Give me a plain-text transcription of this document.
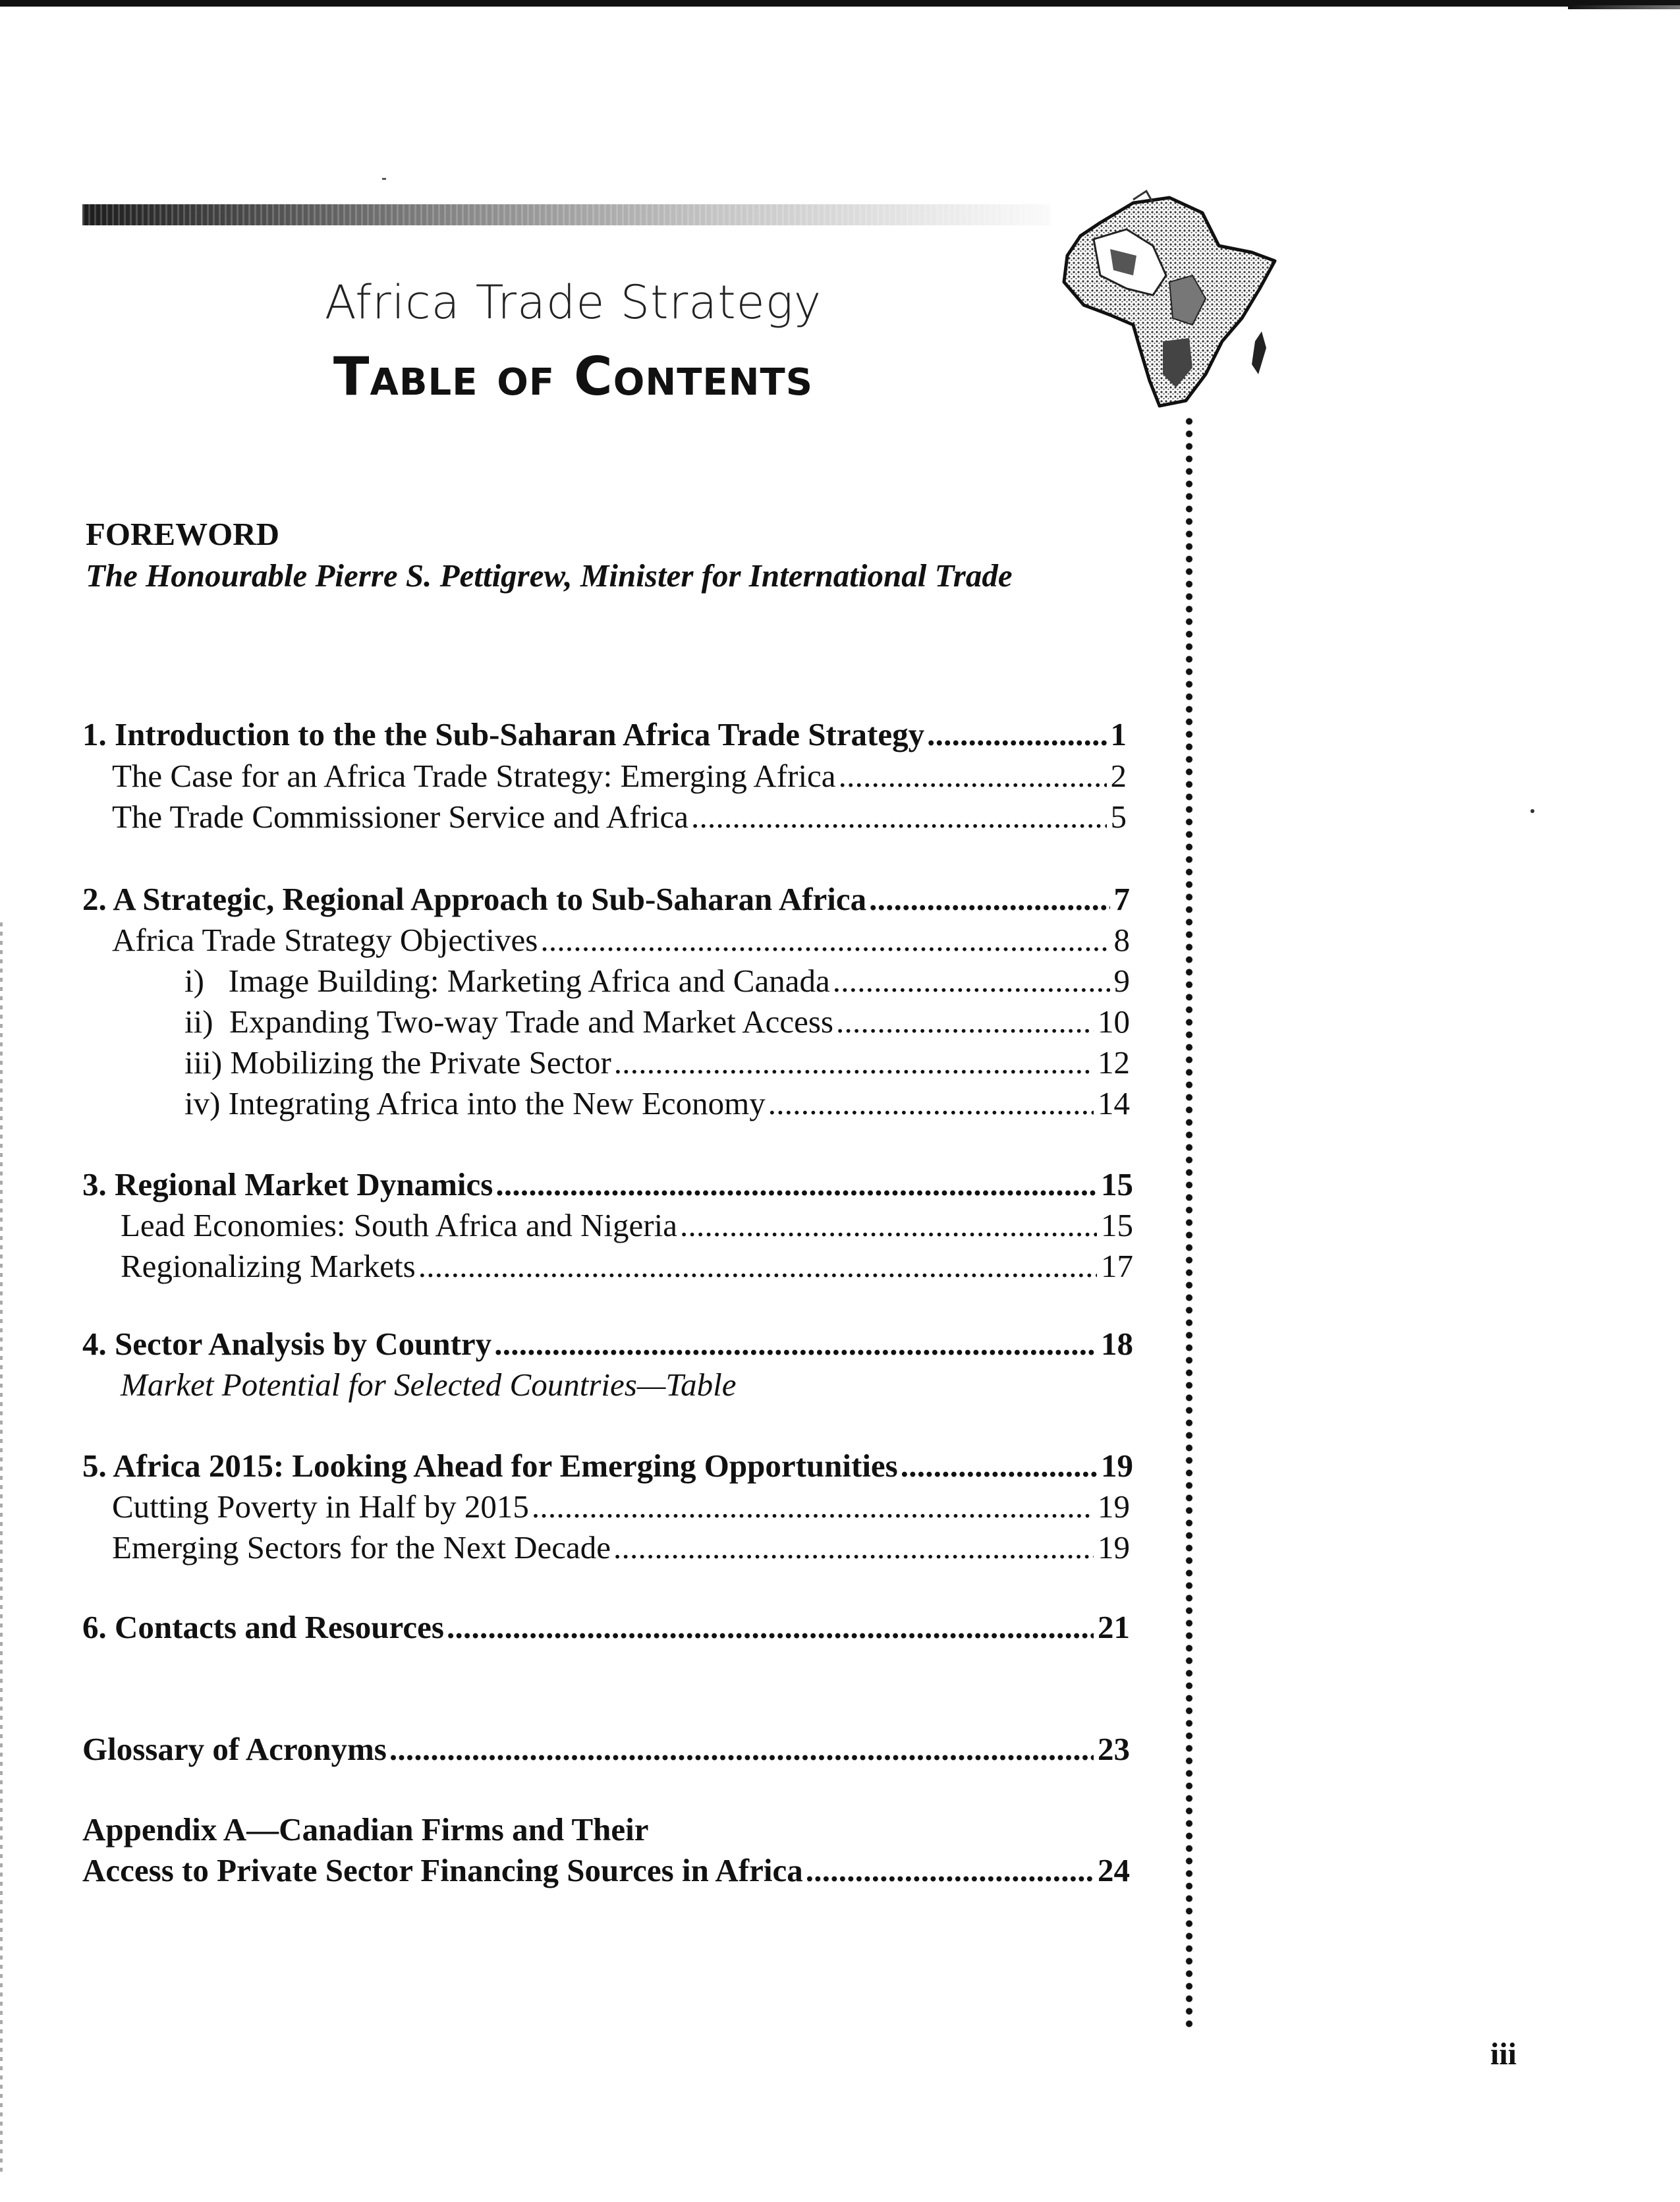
Africa Trade Strategy
Table of Contents
FOREWORD
The Honourable Pierre S. Pettigrew, Minister for International Trade
1. Introduction to the the Sub-Saharan Africa Trade Strategy . . .	1
The Case for an Africa Trade Strategy: Emerging Africa . . .	2
The Trade Commissioner Service and Africa . . .	5
2. A Strategic, Regional Approach to Sub-Saharan Africa . . .	7
Africa Trade Strategy Objectives . . .	8
i)  Image Building: Marketing Africa and Canada . . .	9
ii) Expanding Two-way Trade and Market Access . . .	10
iii) Mobilizing the Private Sector . . .	12
iv) Integrating Africa into the New Economy . . .	14
3. Regional Market Dynamics . . .	15
Lead Economies: South Africa and Nigeria . . .	15
Regionalizing Markets . . .	17
4. Sector Analysis by Country . . .	18
Market Potential for Selected Countries—Table
5. Africa 2015: Looking Ahead for Emerging Opportunities . . .	19
Cutting Poverty in Half by 2015 . . .	19
Emerging Sectors for the Next Decade . . .	19
6. Contacts and Resources . . .	21
Glossary of Acronyms . . .	23
Appendix A—Canadian Firms and Their
Access to Private Sector Financing Sources in Africa . . .	24
iii
